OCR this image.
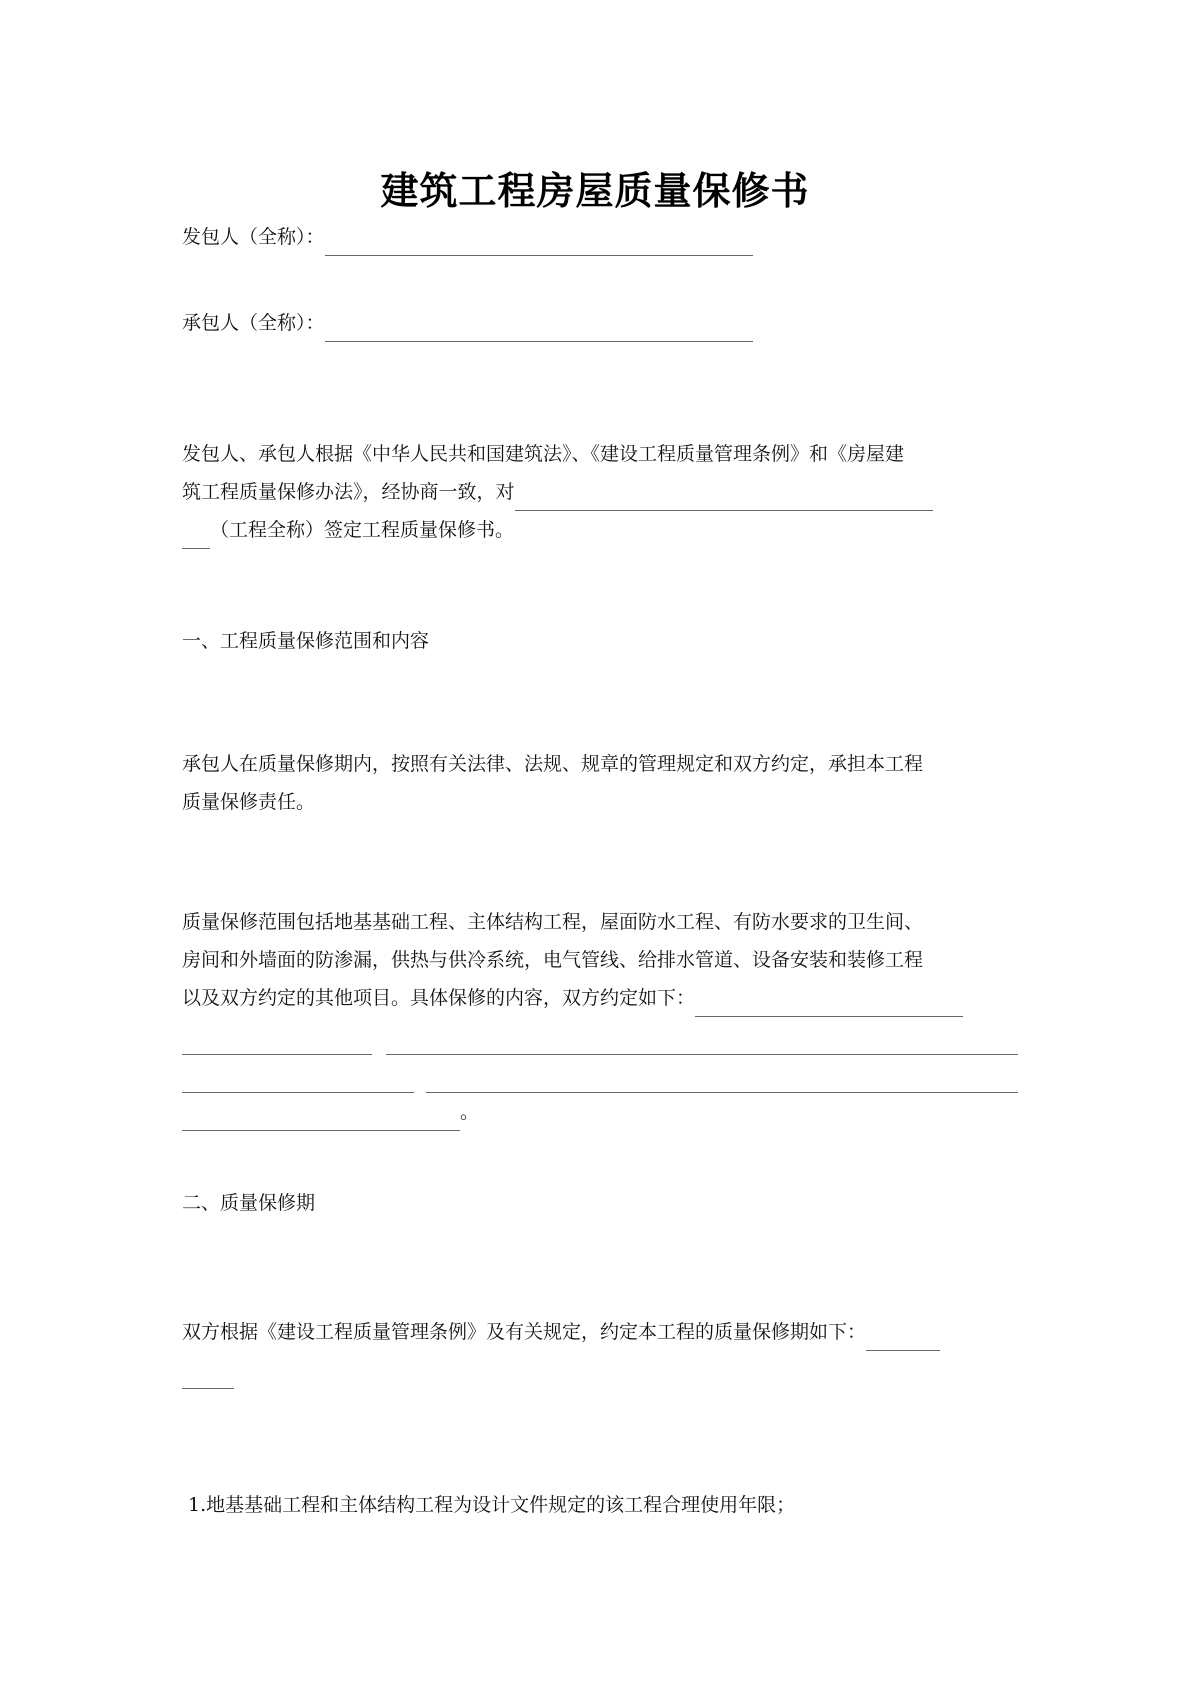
建筑工程房屋质量保修书
发包人（全称）：
承包人（全称）：
发包人、承包人根据《中华人民共和国建筑法》、《建设工程质量管理条例》和《房屋建
筑工程质量保修办法》，经协商一致，对
（工程全称）签定工程质量保修书。
一、工程质量保修范围和内容
承包人在质量保修期内，按照有关法律、法规、规章的管理规定和双方约定，承担本工程
质量保修责任。
质量保修范围包括地基基础工程、主体结构工程，屋面防水工程、有防水要求的卫生间、
房间和外墙面的防渗漏，供热与供冷系统，电气管线、给排水管道、设备安装和装修工程
以及双方约定的其他项目。具体保修的内容，双方约定如下：
。
二、质量保修期
双方根据《建设工程质量管理条例》及有关规定，约定本工程的质量保修期如下：
1.地基基础工程和主体结构工程为设计文件规定的该工程合理使用年限；
